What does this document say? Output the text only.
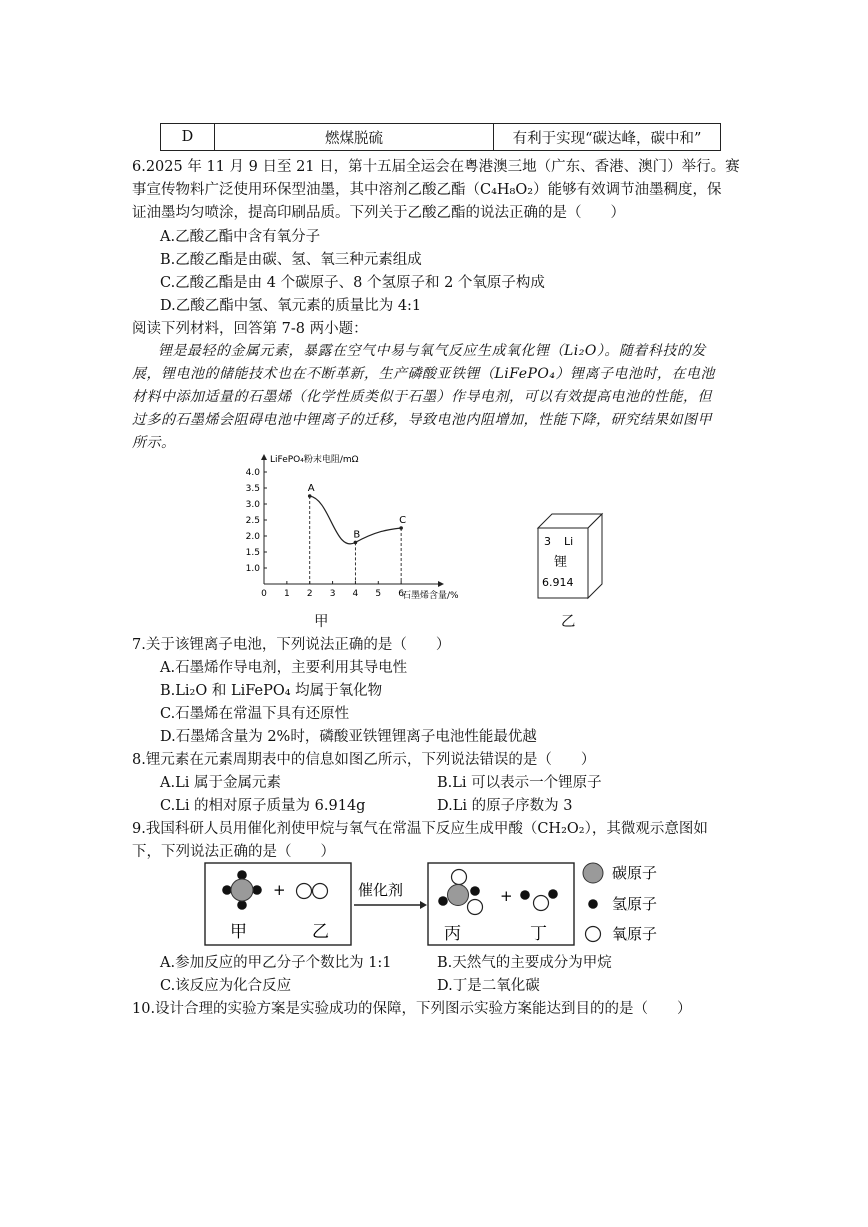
D	燃煤脱硫	有利于实现“碳达峰，碳中和”
6.2025 年 11 月 9 日至 21 日，第十五届全运会在粤港澳三地（广东、香港、澳门）举行。赛
事宣传物料广泛使用环保型油墨，其中溶剂乙酸乙酯（C₄H₈O₂）能够有效调节油墨稠度，保
证油墨均匀喷涂，提高印刷品质。下列关于乙酸乙酯的说法正确的是（　　）
A.乙酸乙酯中含有氧分子
B.乙酸乙酯是由碳、氢、氧三种元素组成
C.乙酸乙酯是由 4 个碳原子、8 个氢原子和 2 个氧原子构成
D.乙酸乙酯中氢、氧元素的质量比为 4:1
阅读下列材料，回答第 7-8 两小题：
锂是最轻的金属元素，暴露在空气中易与氧气反应生成氧化锂（Li₂O）。随着科技的发
展，锂电池的储能技术也在不断革新，生产磷酸亚铁锂（LiFePO₄）锂离子电池时，在电池
材料中添加适量的石墨烯（化学性质类似于石墨）作导电剂，可以有效提高电池的性能，但
过多的石墨烯会阻碍电池中锂离子的迁移，导致电池内阻增加，性能下降，研究结果如图甲
所示。
1.0
1.5
2.0
2.5
3.0
3.5
4.0
0 1 2 3 4 5 6
LiFePO₄粉末电阻/mΩ
石墨烯含量/%
A
B
C
甲
3 Li
锂
6.914
乙
7.关于该锂离子电池，下列说法正确的是（　　）
A.石墨烯作导电剂，主要利用其导电性
B.Li₂O 和 LiFePO₄ 均属于氧化物
C.石墨烯在常温下具有还原性
D.石墨烯含量为 2%时，磷酸亚铁锂锂离子电池性能最优越
8.锂元素在元素周期表中的信息如图乙所示，下列说法错误的是（　　）
A.Li 属于金属元素	B.Li 可以表示一个锂原子
C.Li 的相对原子质量为 6.914g	D.Li 的原子序数为 3
9.我国科研人员用催化剂使甲烷与氧气在常温下反应生成甲酸（CH₂O₂），其微观示意图如
下，下列说法正确的是（　　）
+
甲	乙
催化剂	+
丙	丁
碳原子
氢原子
氧原子
A.参加反应的甲乙分子个数比为 1:1	B.天然气的主要成分为甲烷
C.该反应为化合反应	D.丁是二氧化碳
10.设计合理的实验方案是实验成功的保障，下列图示实验方案能达到目的的是（　　）
